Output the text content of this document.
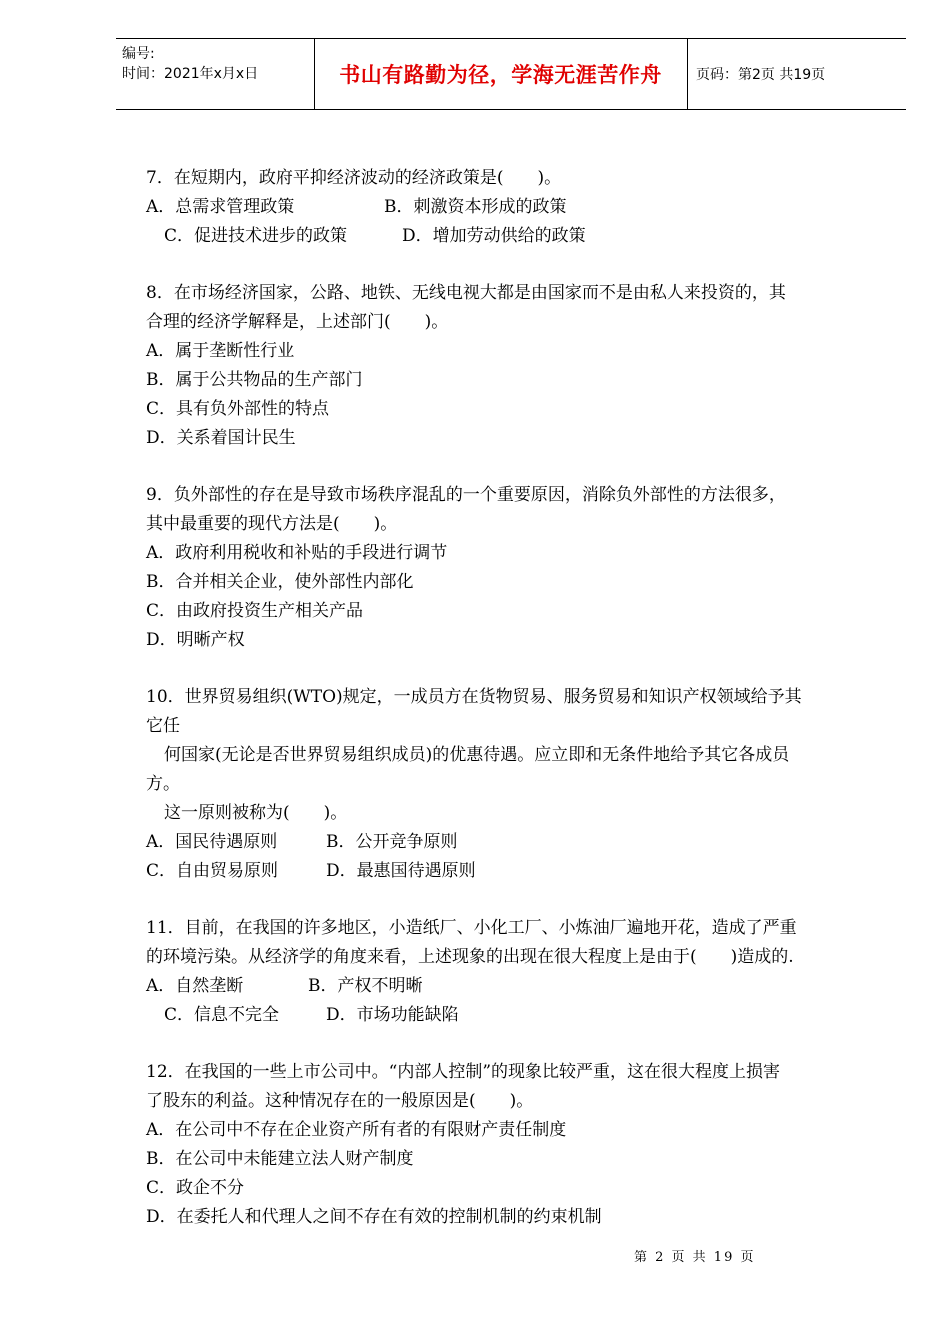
编号:
时间：2021年x月x日	书山有路勤为径，学海无涯苦作舟 页码：第2页 共19页
7．在短期内，政府平抑经济波动的经济政策是(　　)。
A．总需求管理政策	B．刺激资本形成的政策
C．促进技术进步的政策	D．增加劳动供给的政策
8．在市场经济国家，公路、地铁、无线电视大都是由国家而不是由私人来投资的，其
合理的经济学解释是，上述部门(　　)。
A．属于垄断性行业
B．属于公共物品的生产部门
C．具有负外部性的特点
D．关系着国计民生
9．负外部性的存在是导致市场秩序混乱的一个重要原因，消除负外部性的方法很多，
其中最重要的现代方法是(　　)。
A．政府利用税收和补贴的手段进行调节
B．合并相关企业，使外部性内部化
C．由政府投资生产相关产品
D．明晰产权
10．世界贸易组织(WTO)规定，一成员方在货物贸易、服务贸易和知识产权领域给予其
它任
何国家(无论是否世界贸易组织成员)的优惠待遇。应立即和无条件地给予其它各成员
方。
这一原则被称为(　　)。
A．国民待遇原则	B．公开竞争原则
C．自由贸易原则	D．最惠国待遇原则
11．目前，在我国的许多地区，小造纸厂、小化工厂、小炼油厂遍地开花，造成了严重
的环境污染。从经济学的角度来看，上述现象的出现在很大程度上是由于(　　)造成的.
A．自然垄断	B．产权不明晰
C．信息不完全	D．市场功能缺陷
12．在我国的一些上市公司中。“内部人控制”的现象比较严重，这在很大程度上损害
了股东的利益。这种情况存在的一般原因是(　　)。
A．在公司中不存在企业资产所有者的有限财产责任制度
B．在公司中未能建立法人财产制度
C．政企不分
D．在委托人和代理人之间不存在有效的控制机制的约束机制
第 2 页 共 19 页
